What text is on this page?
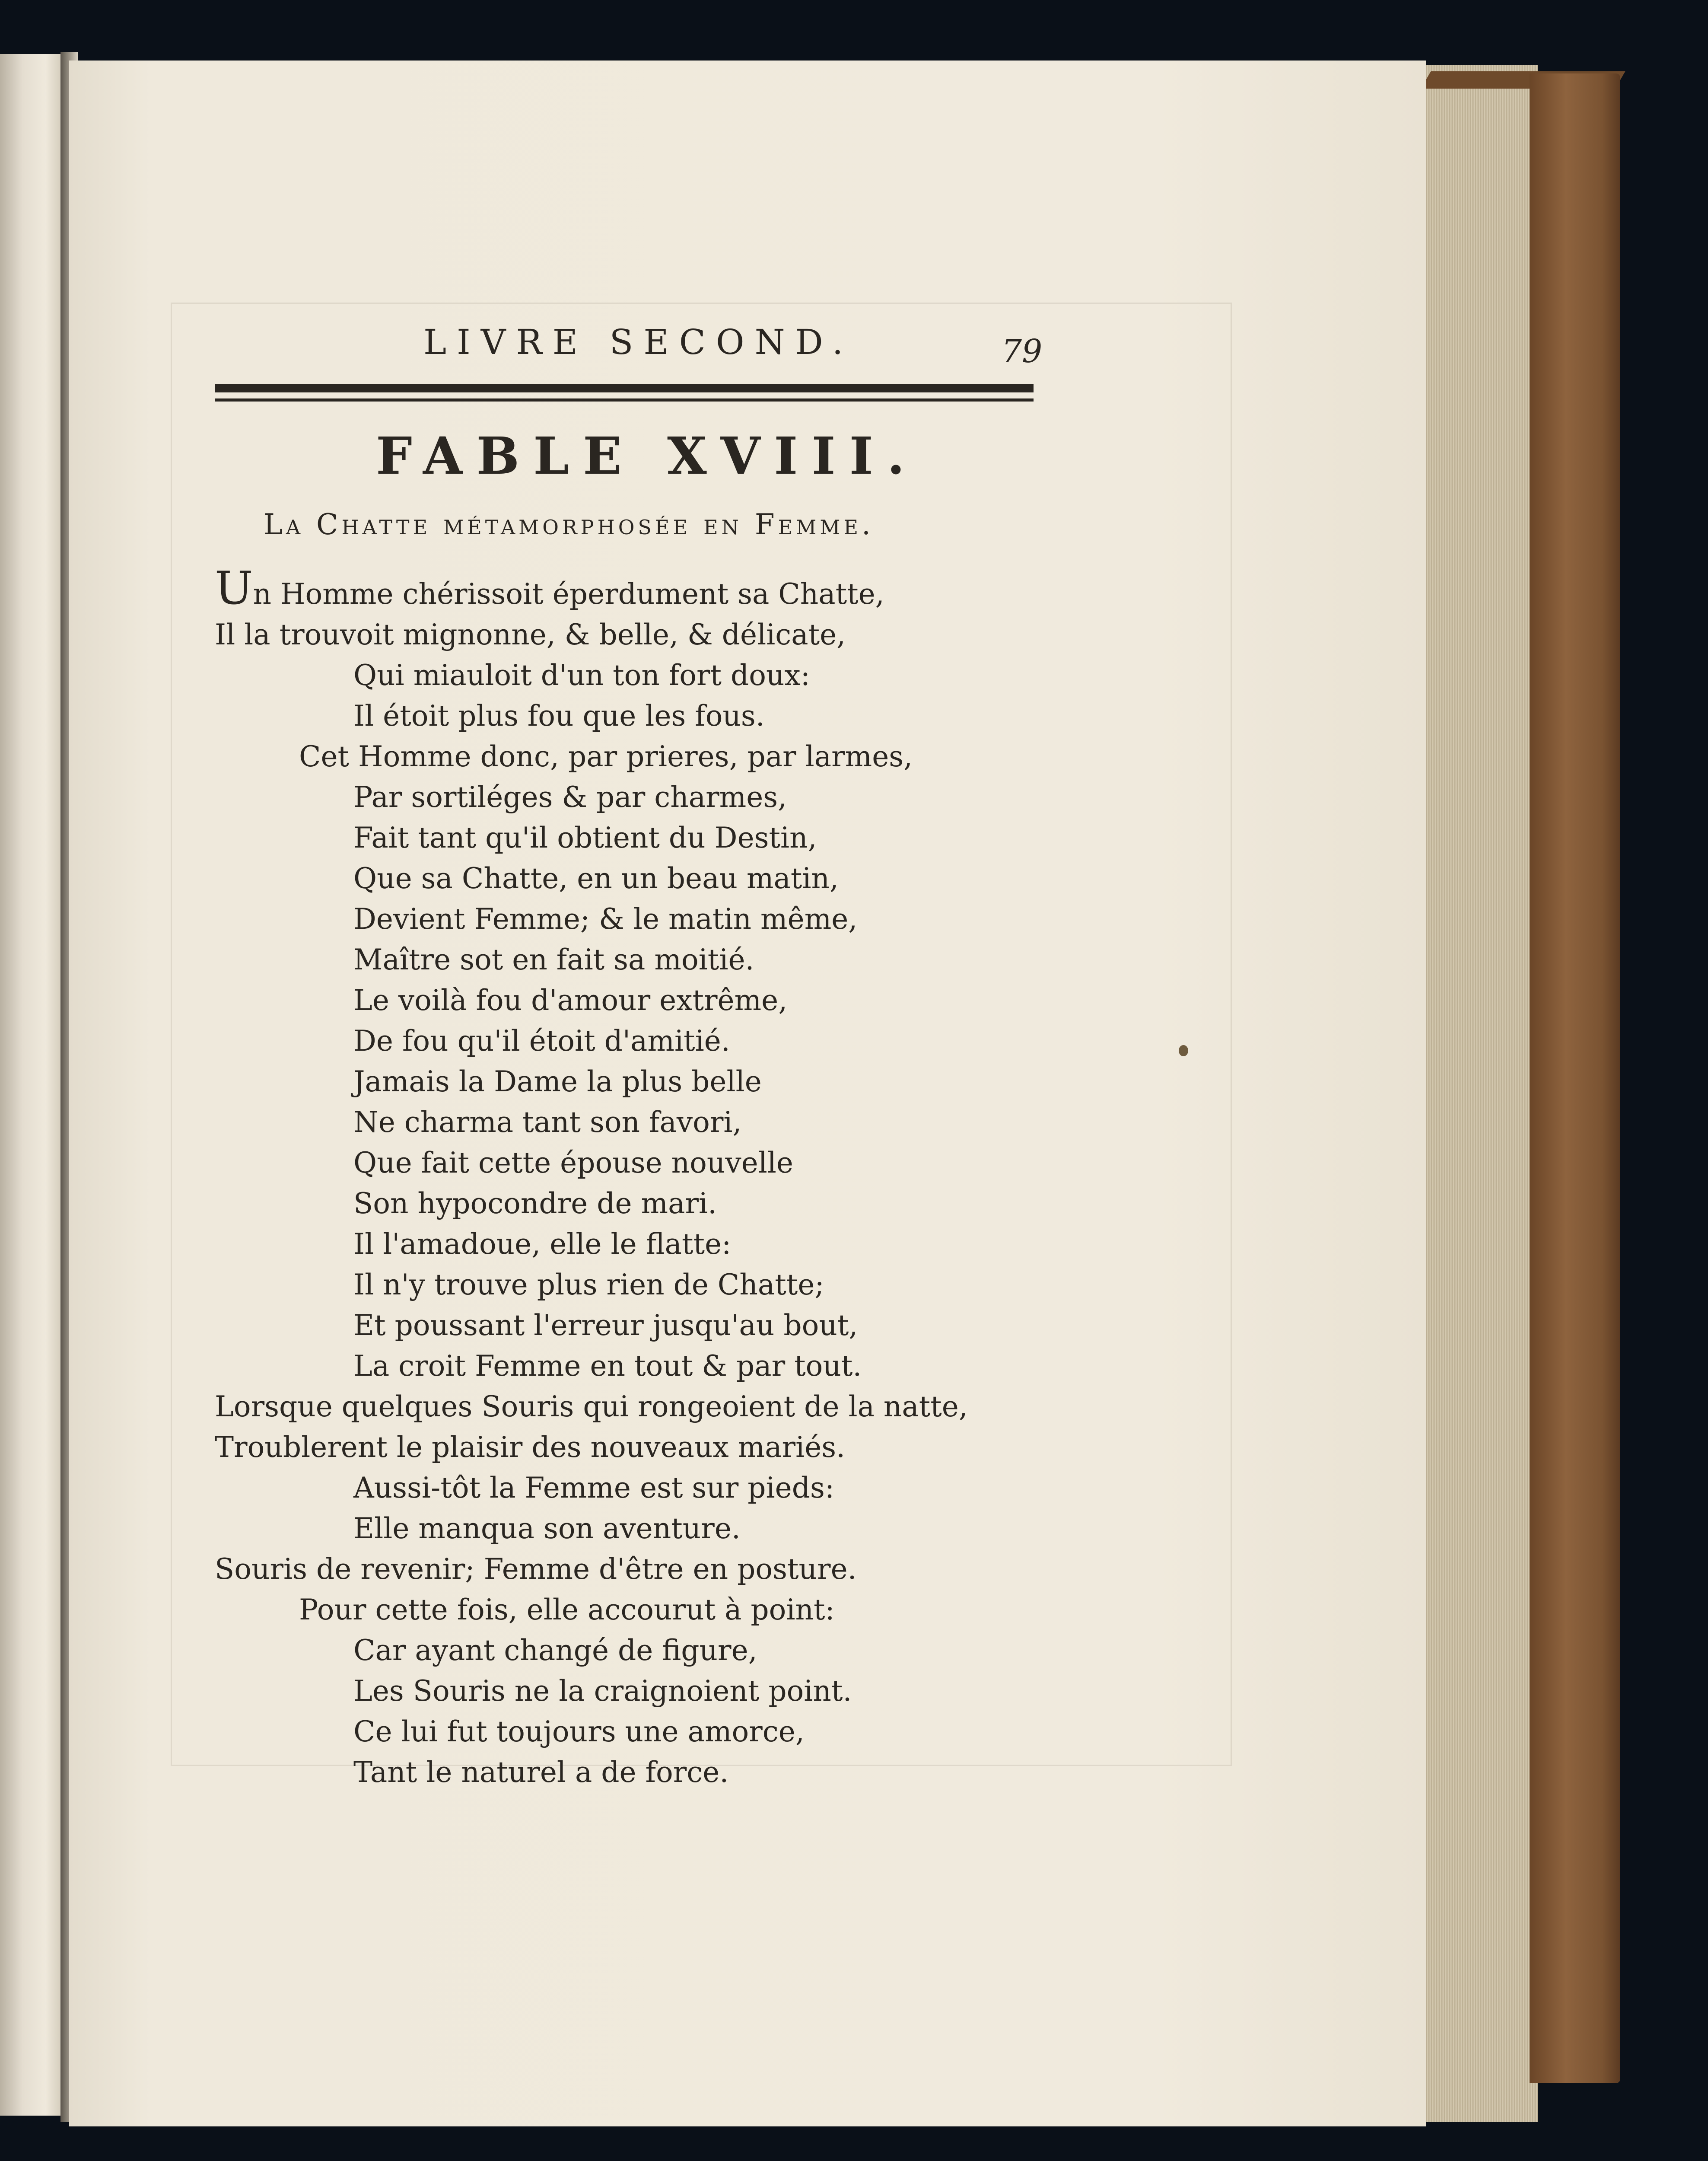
LIVRE SECOND.	79
FABLE XVIII.
La Chatte métamorphosée en Femme.
Un Homme chérissoit éperdument sa Chatte,
Il la trouvoit mignonne, & belle, & délicate,
Qui miauloit d'un ton fort doux:
Il étoit plus fou que les fous.
Cet Homme donc, par prieres, par larmes,
Par sortiléges & par charmes,
Fait tant qu'il obtient du Destin,
Que sa Chatte, en un beau matin,
Devient Femme; & le matin même,
Maître sot en fait sa moitié.
Le voilà fou d'amour extrême,
De fou qu'il étoit d'amitié.
Jamais la Dame la plus belle
Ne charma tant son favori,
Que fait cette épouse nouvelle
Son hypocondre de mari.
Il l'amadoue, elle le flatte:
Il n'y trouve plus rien de Chatte;
Et poussant l'erreur jusqu'au bout,
La croit Femme en tout & par tout.
Lorsque quelques Souris qui rongeoient de la natte,
Troublerent le plaisir des nouveaux mariés.
Aussi-tôt la Femme est sur pieds:
Elle manqua son aventure.
Souris de revenir; Femme d'être en posture.
Pour cette fois, elle accourut à point:
Car ayant changé de figure,
Les Souris ne la craignoient point.
Ce lui fut toujours une amorce,
Tant le naturel a de force.
